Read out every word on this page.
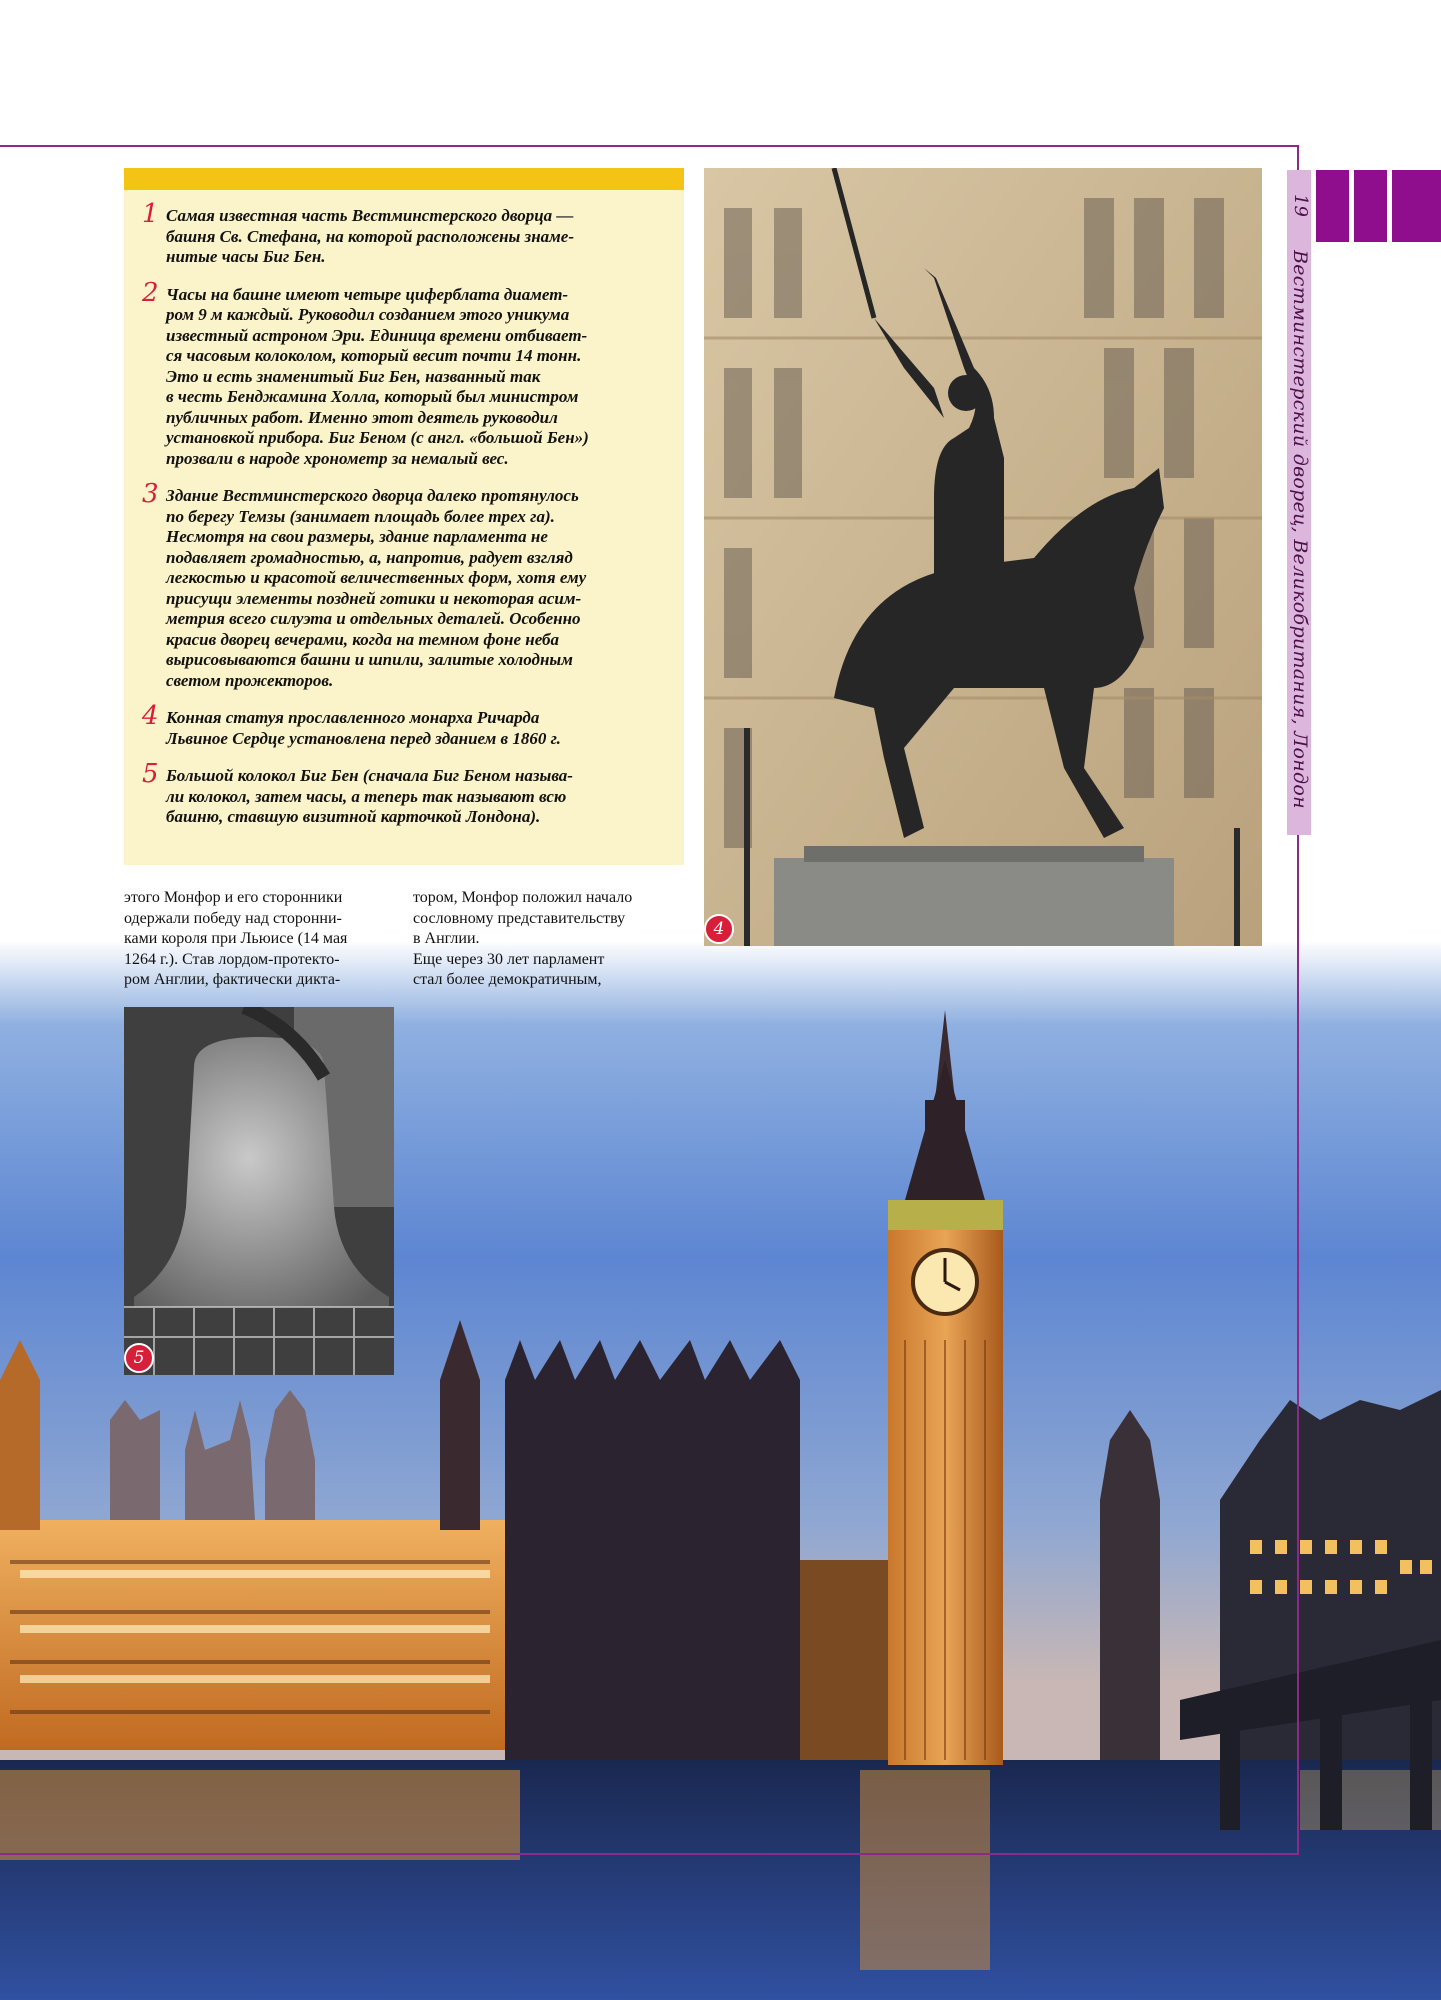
1 Самая известная часть Вестминстерского дворца —
башня Св. Стефана, на которой расположены знаме-
нитые часы Биг Бен.
2 Часы на башне имеют четыре циферблата диамет-
ром 9 м каждый. Руководил созданием этого уникума
известный астроном Эри. Единица времени отбивает-
ся часовым колоколом, который весит почти 14 тонн.
Это и есть знаменитый Биг Бен, названный так
в честь Бенджамина Холла, который был министром
публичных работ. Именно этот деятель руководил
установкой прибора. Биг Беном (с англ. «большой Бен»)
прозвали в народе хронометр за немалый вес.
3 Здание Вестминстерского дворца далеко протянулось
по берегу Темзы (занимает площадь более трех га).
Несмотря на свои размеры, здание парламента не
подавляет громадностью, а, напротив, радует взгляд
легкостью и красотой величественных форм, хотя ему
присущи элементы поздней готики и некоторая асим-
метрия всего силуэта и отдельных деталей. Особенно
красив дворец вечерами, когда на темном фоне неба
вырисовываются башни и шпили, залитые холодным
светом прожекторов.
4 Конная статуя прославленного монарха Ричарда
Львиное Сердце установлена перед зданием в 1860 г.
5 Большой колокол Биг Бен (сначала Биг Беном называ-
ли колокол, затем часы, а теперь так называют всю
башню, ставшую визитной карточкой Лондона).
4
этого Монфор и его сторонники
одержали победу над сторонни-
ками короля при Льюисе (14 мая
1264 г.). Став лордом-протекто-
ром Англии, фактически дикта-
тором, Монфор положил начало
сословному представительству
в Англии.
Еще через 30 лет парламент
стал более демократичным,
5
19
Вестминстерский дворец, Великобритания, Лондон
